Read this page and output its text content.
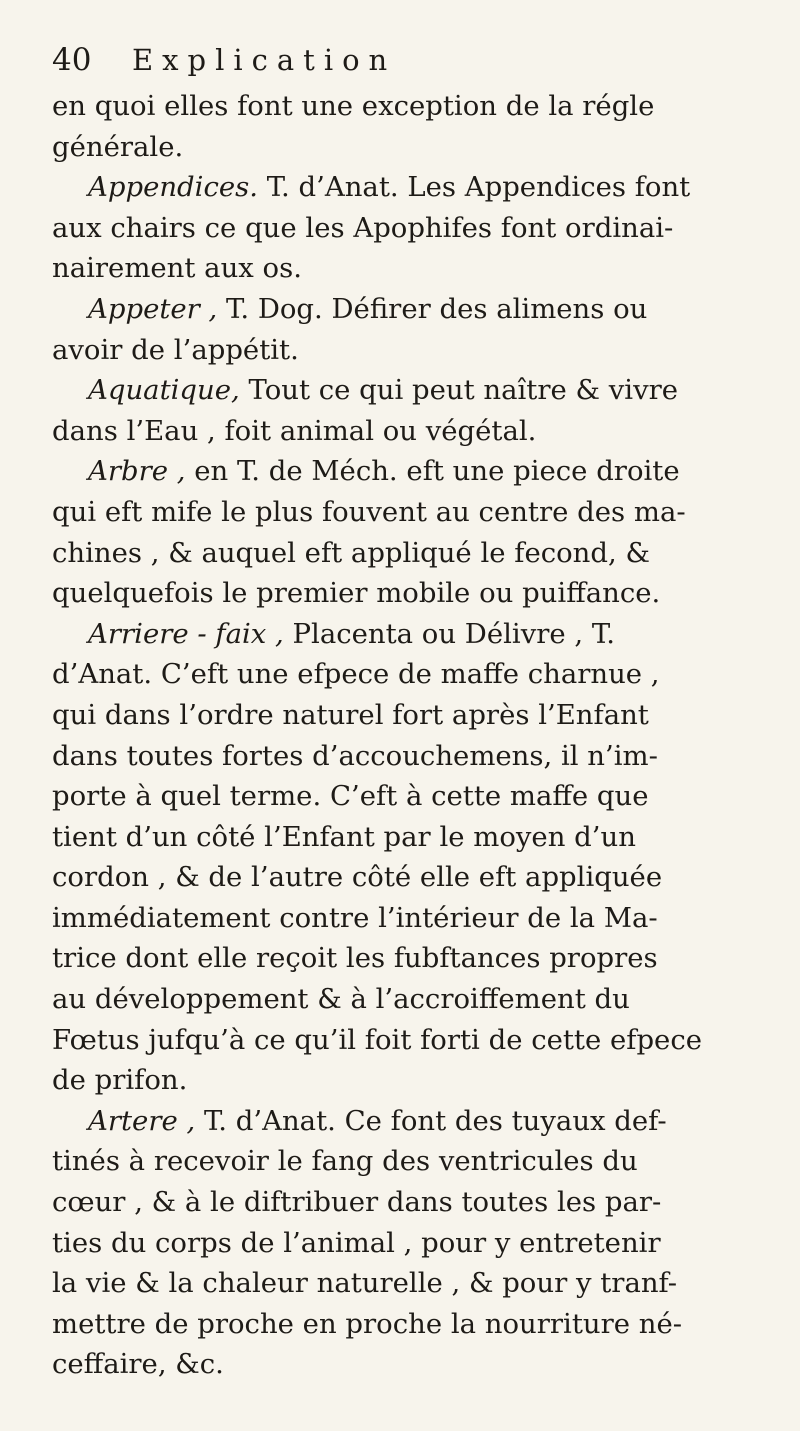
40	Explication

en quoi elles font une exception de la régle
générale.

Appendices. T. d’Anat. Les Appendices font
aux chairs ce que les Apophifes font ordinai-
nairement aux os.

Appeter , T. Dog. Défirer des alimens ou
avoir de l’appétit.

Aquatique, Tout ce qui peut naître & vivre
dans l’Eau , foit animal ou végétal.

Arbre , en T. de Méch. eft une piece droite
qui eft mife le plus fouvent au centre des ma-
chines , & auquel eft appliqué le fecond, &
quelquefois le premier mobile ou puiffance.

Arriere - faix , Placenta ou Délivre , T.
d’Anat. C’eft une efpece de maffe charnue ,
qui dans l’ordre naturel fort après l’Enfant
dans toutes fortes d’accouchemens, il n’im-
porte à quel terme. C’eft à cette maffe que
tient d’un côté l’Enfant par le moyen d’un
cordon , & de l’autre côté elle eft appliquée
immédiatement contre l’intérieur de la Ma-
trice dont elle reçoit les fubftances propres
au développement & à l’accroiffement du
Fœtus jufqu’à ce qu’il foit forti de cette efpece
de prifon.

Artere , T. d’Anat. Ce font des tuyaux def-
tinés à recevoir le fang des ventricules du
cœur , & à le diftribuer dans toutes les par-
ties du corps de l’animal , pour y entretenir
la vie & la chaleur naturelle , & pour y tranf-
mettre de proche en proche la nourriture né-
ceffaire, &c.
